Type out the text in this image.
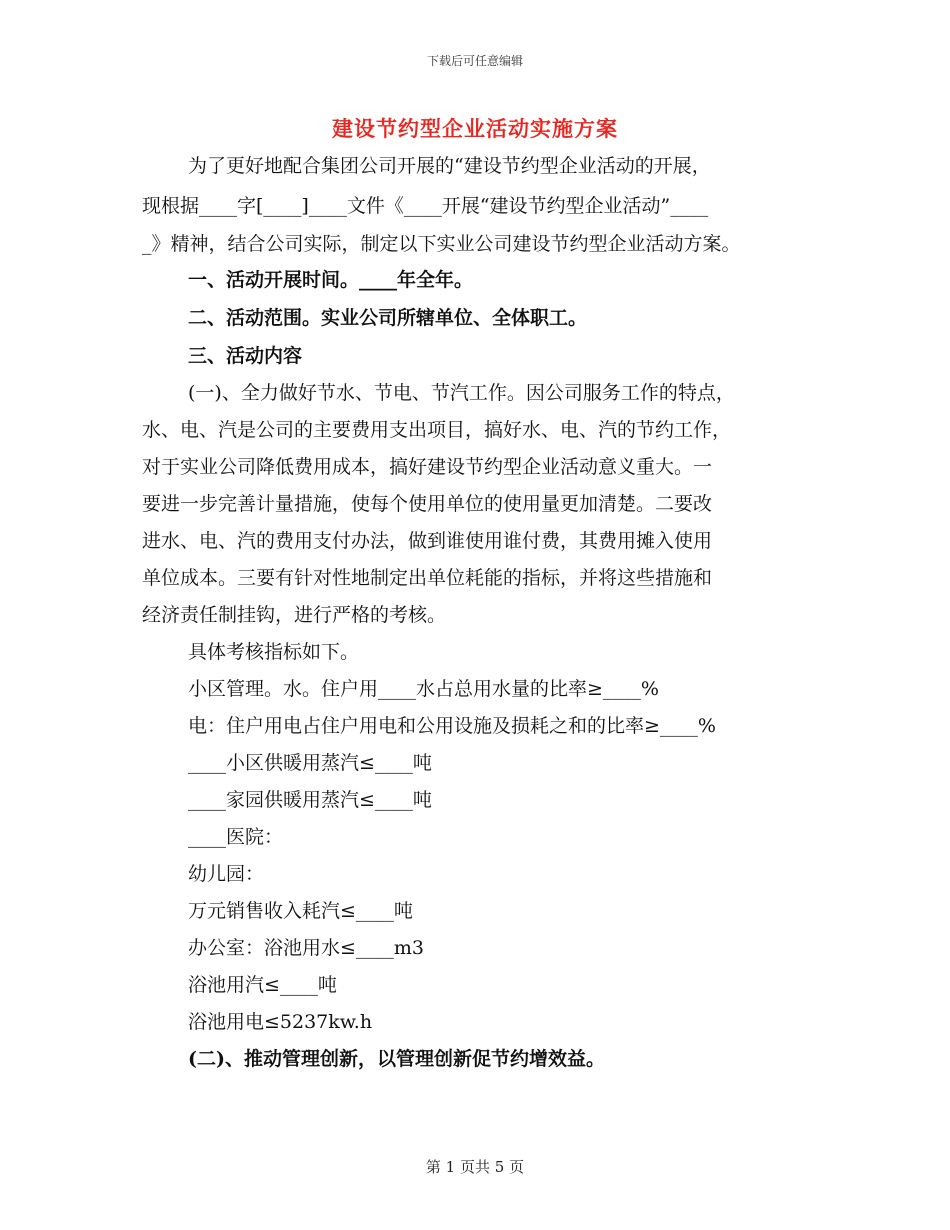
下载后可任意编辑
建设节约型企业活动实施方案
为了更好地配合集团公司开展的“建设节约型企业活动的开展，
现根据____字[____]____文件《____开展“建设节约型企业活动”____
_》精神，结合公司实际，制定以下实业公司建设节约型企业活动方案。
一、活动开展时间。____年全年。
二、活动范围。实业公司所辖单位、全体职工。
三、活动内容
(一)、全力做好节水、节电、节汽工作。因公司服务工作的特点，
水、电、汽是公司的主要费用支出项目，搞好水、电、汽的节约工作，
对于实业公司降低费用成本，搞好建设节约型企业活动意义重大。一
要进一步完善计量措施，使每个使用单位的使用量更加清楚。二要改
进水、电、汽的费用支付办法，做到谁使用谁付费，其费用摊入使用
单位成本。三要有针对性地制定出单位耗能的指标，并将这些措施和
经济责任制挂钩，进行严格的考核。
具体考核指标如下。
小区管理。水。住户用____水占总用水量的比率≥____%
电：住户用电占住户用电和公用设施及损耗之和的比率≥____%
____小区供暖用蒸汽≤____吨
____家园供暖用蒸汽≤____吨
____医院：
幼儿园：
万元销售收入耗汽≤____吨
办公室：浴池用水≤____m3
浴池用汽≤____吨
浴池用电≤5237kw.h
(二)、推动管理创新，以管理创新促节约增效益。
第 1 页共 5 页
